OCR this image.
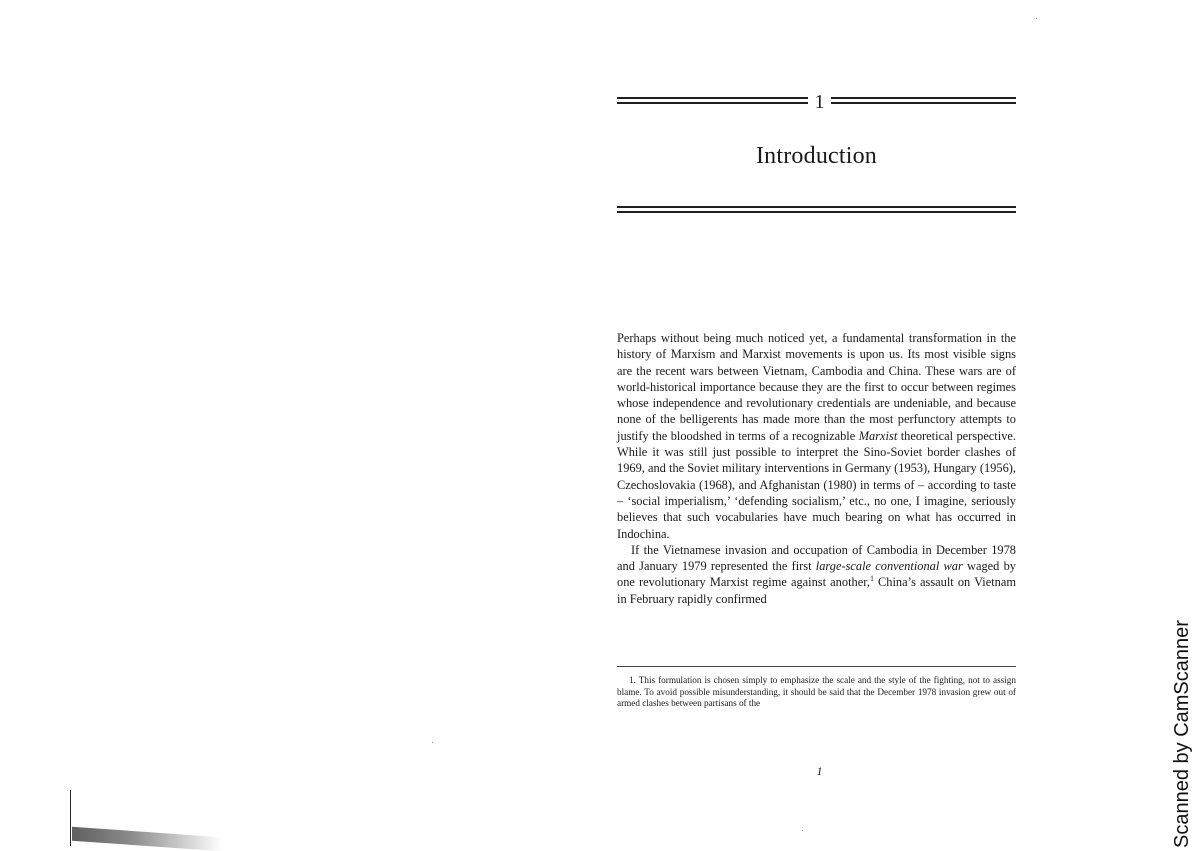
1
Introduction

Perhaps without being much noticed yet, a fundamental transformation in the history of Marxism and Marxist movements is upon us. Its most visible signs are the recent wars between Vietnam, Cambodia and China. These wars are of world-historical importance because they are the first to occur between regimes whose independence and revolutionary credentials are undeniable, and because none of the belligerents has made more than the most perfunctory attempts to justify the bloodshed in terms of a recognizable Marxist theoretical perspective. While it was still just possible to interpret the Sino-Soviet border clashes of 1969, and the Soviet military interventions in Germany (1953), Hungary (1956), Czechoslovakia (1968), and Afghanistan (1980) in terms of – according to taste – ‘social imperialism,’ ‘defending socialism,’ etc., no one, I imagine, seriously believes that such vocabularies have much bearing on what has occurred in Indochina.

If the Vietnamese invasion and occupation of Cambodia in December 1978 and January 1979 represented the first large-scale conventional war waged by one revolutionary Marxist regime against another,$^1$ China’s assault on Vietnam in February rapidly confirmed

1. This formulation is chosen simply to emphasize the scale and the style of the fighting, not to assign blame. To avoid possible misunderstanding, it should be said that the December 1978 invasion grew out of armed clashes between partisans of the
1	Scanned by CamScanner
